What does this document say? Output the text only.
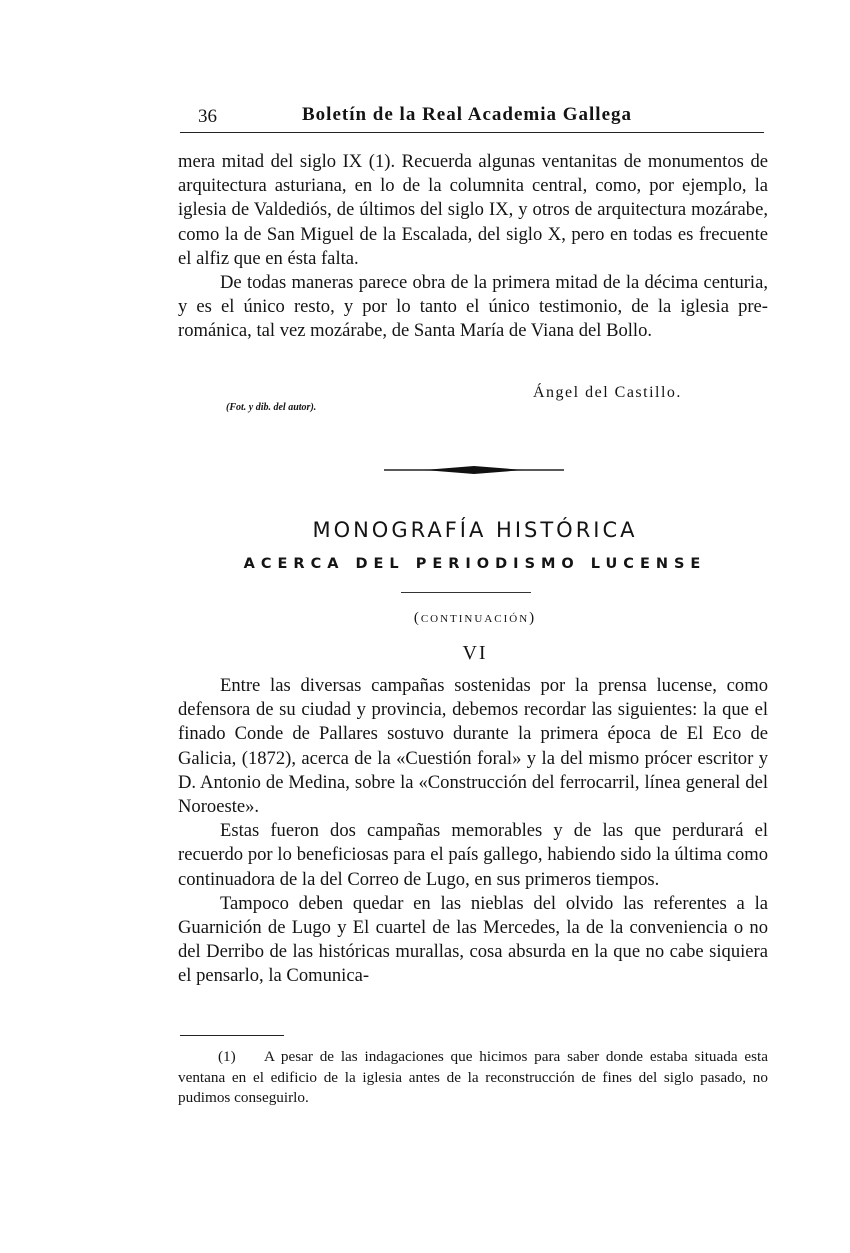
36	Boletín de la Real Academia Gallega

mera mitad del siglo IX (1). Recuerda algunas ventanitas de monumentos de arquitectura asturiana, en lo de la columnita central, como, por ejemplo, la iglesia de Valdediós, de últimos del siglo IX, y otros de arquitectura mozárabe, como la de San Miguel de la Escalada, del siglo X, pero en todas es frecuente el alfiz que en ésta falta.

De todas maneras parece obra de la primera mitad de la décima centuria, y es el único resto, y por lo tanto el único testimonio, de la iglesia pre-románica, tal vez mozárabe, de Santa María de Viana del Bollo.

Ángel del Castillo.
(Fot. y dib. del autor).
MONOGRAFÍA HISTÓRICA
ACERCA DEL PERIODISMO LUCENSE
(continuación)
VI

Entre las diversas campañas sostenidas por la prensa lucense, como defensora de su ciudad y provincia, debemos recordar las siguientes: la que el finado Conde de Pallares sostuvo durante la primera época de El Eco de Galicia, (1872), acerca de la «Cuestión foral» y la del mismo prócer escritor y D. Antonio de Medina, sobre la «Construcción del ferrocarril, línea general del Noroeste».

Estas fueron dos campañas memorables y de las que perdurará el recuerdo por lo beneficiosas para el país gallego, habiendo sido la última como continuadora de la del Correo de Lugo, en sus primeros tiempos.

Tampoco deben quedar en las nieblas del olvido las referentes a la Guarnición de Lugo y El cuartel de las Mercedes, la de la conveniencia o no del Derribo de las históricas murallas, cosa absurda en la que no cabe siquiera el pensarlo, la Comunica-

(1) A pesar de las indagaciones que hicimos para saber donde estaba situada esta ventana en el edificio de la iglesia antes de la reconstrucción de fines del siglo pasado, no pudimos conseguirlo.
